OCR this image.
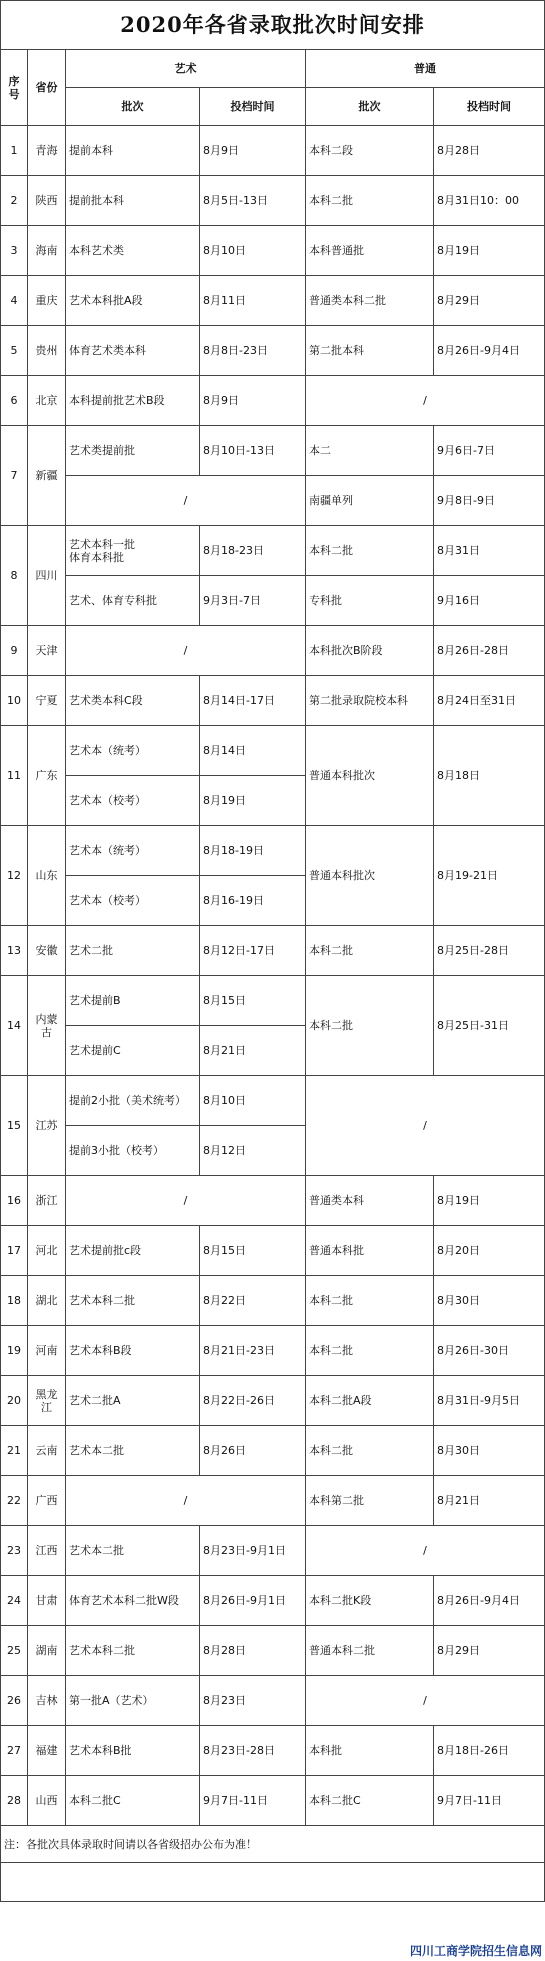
2020年各省录取批次时间安排					
序
号	省份	艺术		普通	
		批次	投档时间	批次	投档时间
1	青海	提前本科	8月9日	本科二段	8月28日
2	陕西	提前批本科	8月5日-13日	本科二批	8月31日10：00
3	海南	本科艺术类	8月10日	本科普通批	8月19日
4	重庆	艺术本科批A段	8月11日	普通类本科二批	8月29日
5	贵州	体育艺术类本科	8月8日-23日	第二批本科	8月26日-9月4日
6	北京	本科提前批艺术B段	8月9日	/	
7	新疆	艺术类提前批	8月10日-13日	本二	9月6日-7日
		/		南疆单列	9月8日-9日
8	四川	艺术本科一批
体育本科批	8月18-23日	本科二批	8月31日
		艺术、体育专科批	9月3日-7日	专科批	9月16日
9	天津	/		本科批次B阶段	8月26日-28日
10	宁夏	艺术类本科C段	8月14日-17日	第二批录取院校本科	8月24日至31日
11	广东	艺术本（统考）	8月14日	普通本科批次	8月18日
		艺术本（校考）	8月19日		
12	山东	艺术本（统考）	8月18-19日	普通本科批次	8月19-21日
		艺术本（校考）	8月16-19日		
13	安徽	艺术二批	8月12日-17日	本科二批	8月25日-28日
14	内蒙古	艺术提前B	8月15日	本科二批	8月25日-31日
		艺术提前C	8月21日		
15	江苏	提前2小批（美术统考）	8月10日	/	
		提前3小批（校考）	8月12日		
16	浙江	/		普通类本科	8月19日
17	河北	艺术提前批c段	8月15日	普通本科批	8月20日
18	湖北	艺术本科二批	8月22日	本科二批	8月30日
19	河南	艺术本科B段	8月21日-23日	本科二批	8月26日-30日
20	黑龙江	艺术二批A	8月22日-26日	本科二批A段	8月31日-9月5日
21	云南	艺术本二批	8月26日	本科二批	8月30日
22	广西	/		本科第二批	8月21日
23	江西	艺术本二批	8月23日-9月1日	/	
24	甘肃	体育艺术本科二批W段	8月26日-9月1日	本科二批K段	8月26日-9月4日
25	湖南	艺术本科二批	8月28日	普通本科二批	8月29日
26	吉林	第一批A（艺术）	8月23日	/	
27	福建	艺术本科B批	8月23日-28日	本科批	8月18日-26日
28	山西	本科二批C	9月7日-11日	本科二批C	9月7日-11日
注：各批次具体录取时间请以各省级招办公布为准！					

四川工商学院招生信息网
